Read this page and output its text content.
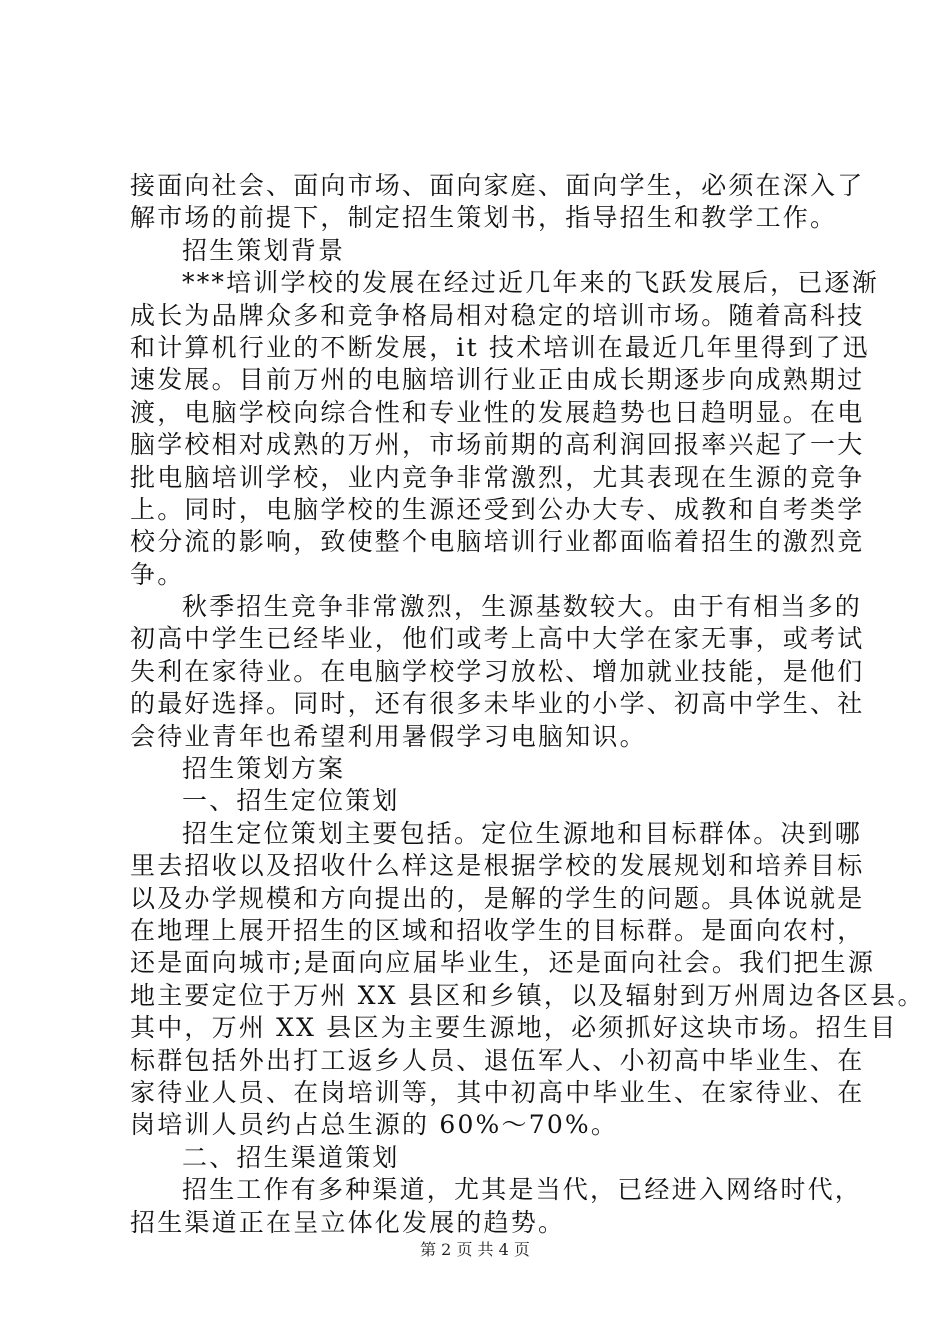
接面向社会、面向市场、面向家庭、面向学生，必须在深入了
解市场的前提下，制定招生策划书，指导招生和教学工作。
招生策划背景
***培训学校的发展在经过近几年来的飞跃发展后，已逐渐
成长为品牌众多和竞争格局相对稳定的培训市场。随着高科技
和计算机行业的不断发展，it 技术培训在最近几年里得到了迅
速发展。目前万州的电脑培训行业正由成长期逐步向成熟期过
渡，电脑学校向综合性和专业性的发展趋势也日趋明显。在电
脑学校相对成熟的万州，市场前期的高利润回报率兴起了一大
批电脑培训学校，业内竞争非常激烈，尤其表现在生源的竞争
上。同时，电脑学校的生源还受到公办大专、成教和自考类学
校分流的影响，致使整个电脑培训行业都面临着招生的激烈竞
争。
秋季招生竞争非常激烈，生源基数较大。由于有相当多的
初高中学生已经毕业，他们或考上高中大学在家无事，或考试
失利在家待业。在电脑学校学习放松、增加就业技能，是他们
的最好选择。同时，还有很多未毕业的小学、初高中学生、社
会待业青年也希望利用暑假学习电脑知识。
招生策划方案
一、招生定位策划
招生定位策划主要包括。定位生源地和目标群体。决到哪
里去招收以及招收什么样这是根据学校的发展规划和培养目标
以及办学规模和方向提出的，是解的学生的问题。具体说就是
在地理上展开招生的区域和招收学生的目标群。是面向农村，
还是面向城市;是面向应届毕业生，还是面向社会。我们把生源
地主要定位于万州 XX 县区和乡镇，以及辐射到万州周边各区县。
其中，万州 XX 县区为主要生源地，必须抓好这块市场。招生目
标群包括外出打工返乡人员、退伍军人、小初高中毕业生、在
家待业人员、在岗培训等，其中初高中毕业生、在家待业、在
岗培训人员约占总生源的 60%～70%。
二、招生渠道策划
招生工作有多种渠道，尤其是当代，已经进入网络时代，
招生渠道正在呈立体化发展的趋势。
第 2 页 共 4 页
